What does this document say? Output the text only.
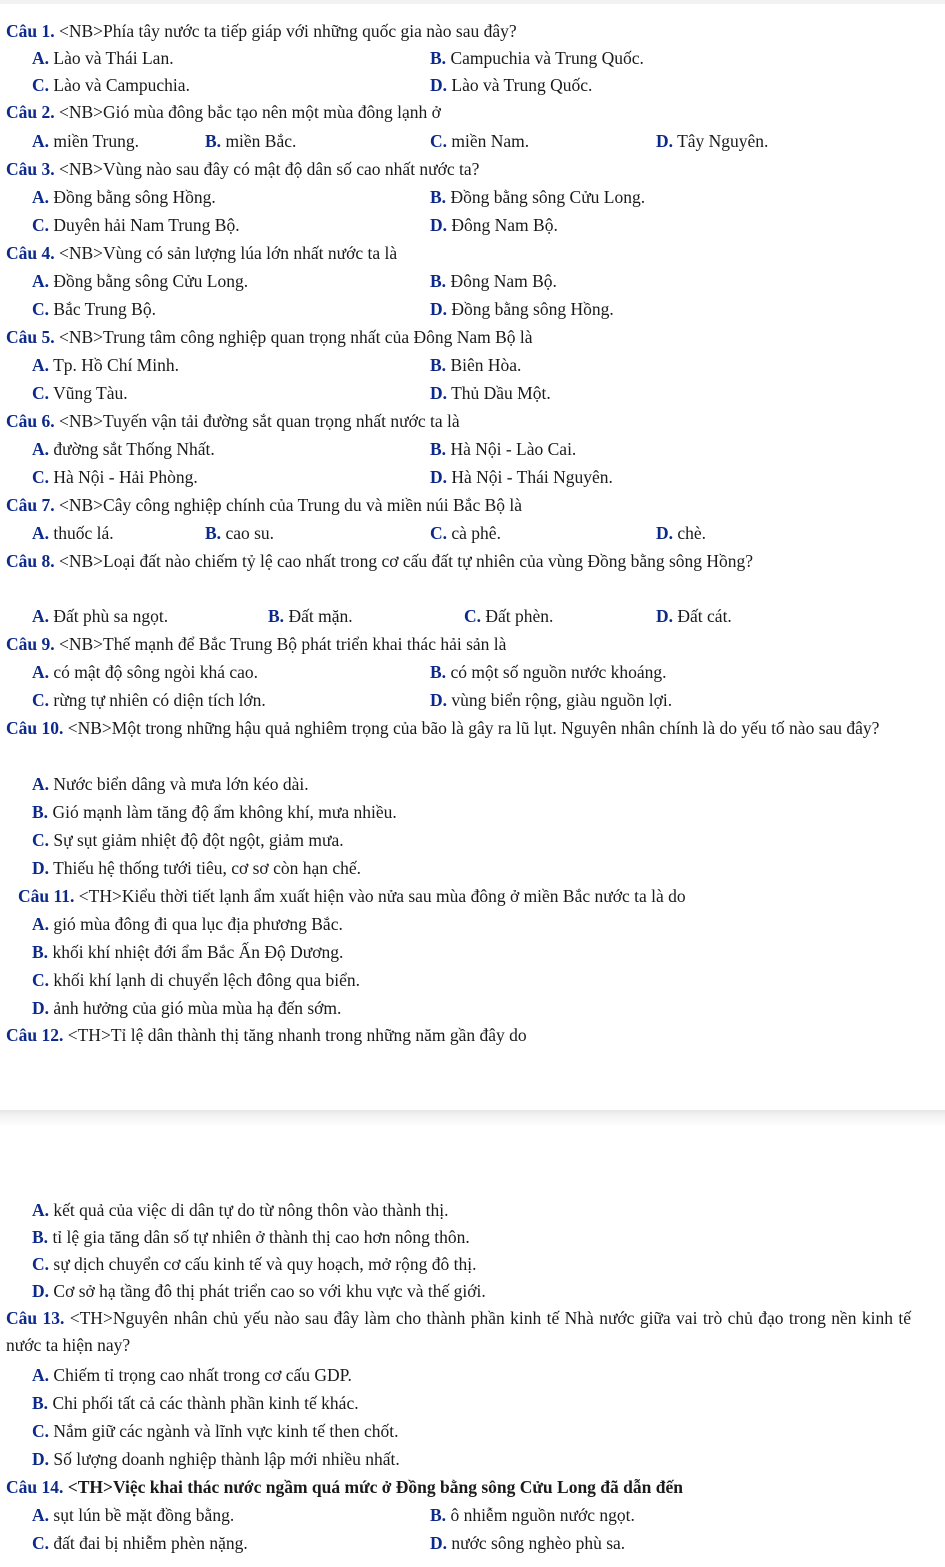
Câu 1. <NB>Phía tây nước ta tiếp giáp với những quốc gia nào sau đây?
A. Lào và Thái Lan.	B. Campuchia và Trung Quốc.
C. Lào và Campuchia.	D. Lào và Trung Quốc.
Câu 2. <NB>Gió mùa đông bắc tạo nên một mùa đông lạnh ở
A. miền Trung.	B. miền Bắc.	C. miền Nam.	D. Tây Nguyên.
Câu 3. <NB>Vùng nào sau đây có mật độ dân số cao nhất nước ta?
A. Đồng bằng sông Hồng.	B. Đồng bằng sông Cửu Long.
C. Duyên hải Nam Trung Bộ.	D. Đông Nam Bộ.
Câu 4. <NB>Vùng có sản lượng lúa lớn nhất nước ta là
A. Đồng bằng sông Cửu Long.	B. Đông Nam Bộ.
C. Bắc Trung Bộ.	D. Đồng bằng sông Hồng.
Câu 5. <NB>Trung tâm công nghiệp quan trọng nhất của Đông Nam Bộ là
A. Tp. Hồ Chí Minh.	B. Biên Hòa.
C. Vũng Tàu.	D. Thủ Dầu Một.
Câu 6. <NB>Tuyến vận tải đường sắt quan trọng nhất nước ta là
A. đường sắt Thống Nhất.	B. Hà Nội - Lào Cai.
C. Hà Nội - Hải Phòng.	D. Hà Nội - Thái Nguyên.
Câu 7. <NB>Cây công nghiệp chính của Trung du và miền núi Bắc Bộ là
A. thuốc lá.	B. cao su.	C. cà phê.	D. chè.
Câu 8. <NB>Loại đất nào chiếm tỷ lệ cao nhất trong cơ cấu đất tự nhiên của vùng Đồng bằng sông Hồng?
A. Đất phù sa ngọt.	B. Đất mặn.	C. Đất phèn.	D. Đất cát.
Câu 9. <NB>Thế mạnh để Bắc Trung Bộ phát triển khai thác hải sản là
A. có mật độ sông ngòi khá cao.	B. có một số nguồn nước khoáng.
C. rừng tự nhiên có diện tích lớn.	D. vùng biển rộng, giàu nguồn lợi.
Câu 10. <NB>Một trong những hậu quả nghiêm trọng của bão là gây ra lũ lụt. Nguyên nhân chính là do yếu tố nào sau đây?
A. Nước biển dâng và mưa lớn kéo dài.
B. Gió mạnh làm tăng độ ẩm không khí, mưa nhiều.
C. Sự sụt giảm nhiệt độ đột ngột, giảm mưa.
D. Thiếu hệ thống tưới tiêu, cơ sơ còn hạn chế.
Câu 11. <TH>Kiểu thời tiết lạnh ẩm xuất hiện vào nửa sau mùa đông ở miền Bắc nước ta là do
A. gió mùa đông đi qua lục địa phương Bắc.
B. khối khí nhiệt đới ẩm Bắc Ấn Độ Dương.
C. khối khí lạnh di chuyển lệch đông qua biển.
D. ảnh hưởng của gió mùa mùa hạ đến sớm.
Câu 12. <TH>Tỉ lệ dân thành thị tăng nhanh trong những năm gần đây do
A. kết quả của việc di dân tự do từ nông thôn vào thành thị.
B. tỉ lệ gia tăng dân số tự nhiên ở thành thị cao hơn nông thôn.
C. sự dịch chuyển cơ cấu kinh tế và quy hoạch, mở rộng đô thị.
D. Cơ sở hạ tầng đô thị phát triển cao so với khu vực và thế giới.
Câu 13. <TH>Nguyên nhân chủ yếu nào sau đây làm cho thành phần kinh tế Nhà nước giữa vai trò chủ đạo trong nền kinh tế nước ta hiện nay?
A. Chiếm tỉ trọng cao nhất trong cơ cấu GDP.
B. Chi phối tất cả các thành phần kinh tế khác.
C. Nắm giữ các ngành và lĩnh vực kinh tế then chốt.
D. Số lượng doanh nghiệp thành lập mới nhiều nhất.
Câu 14. <TH>Việc khai thác nước ngầm quá mức ở Đồng bằng sông Cửu Long đã dẫn đến
A. sụt lún bề mặt đồng bằng.	B. ô nhiễm nguồn nước ngọt.
C. đất đai bị nhiễm phèn nặng.	D. nước sông nghèo phù sa.
